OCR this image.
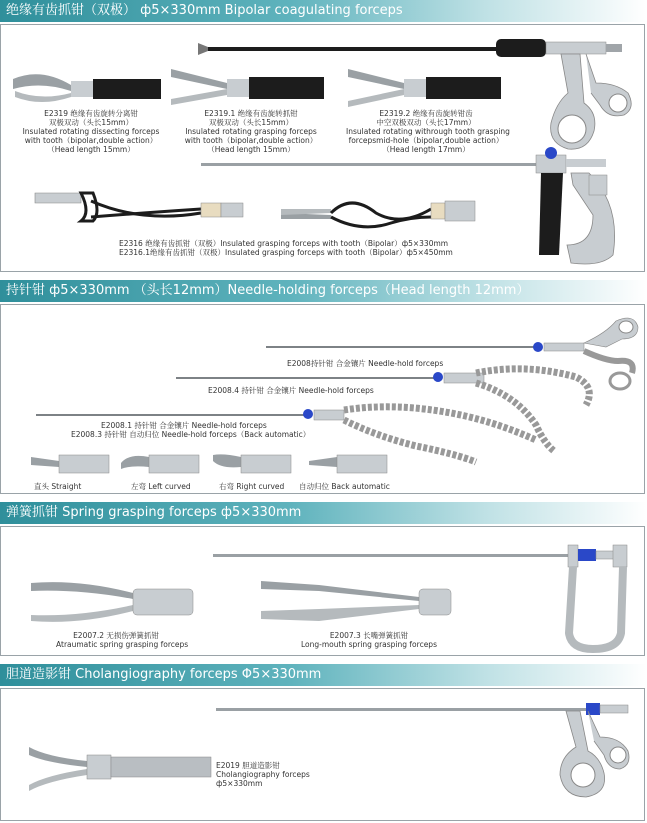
绝缘有齿抓钳（双极） ф5×330mm Bipolar coagulating forceps
E2319 绝缘有齿旋转分离钳
双极双动（头长15mm）
Insulated rotating dissecting forceps
with tooth（bipolar,double action）
（Head length 15mm）
E2319.1 绝缘有齿旋转抓钳
双极双动（头长15mm）
Insulated rotating grasping forceps
with tooth（bipolar,double action）
（Head length 15mm）
E2319.2 绝缘有齿旋转钳齿
中空双极双动（头长17mm）
Insulated rotating withrough tooth grasping
forcepsmid-hole（bipolar,double action）
（Head length 17mm）
E2316 绝缘有齿抓钳（双极）Insulated grasping forceps with tooth（Bipolar）ф5×330mm
E2316.1绝缘有齿抓钳（双极）Insulated grasping forceps with tooth（Bipolar）ф5×450mm
持针钳 ф5×330mm （头长12mm）Needle-holding forceps（Head length 12mm）
E2008持针钳 合金镶片 Needle-hold forceps
E2008.4 持针钳 合金镶片 Needle-hold forceps
E2008.1 持针钳 合金镶片 Needle-hold forceps
E2008.3 持针钳 自动归位 Needle-hold forceps（Back automatic）
直头 Straight	左弯 Left curved	右弯 Right curved 自动归位 Back automatic
弹簧抓钳 Spring grasping forceps ф5×330mm
E2007.2 无损伤弹簧抓钳
Atraumatic spring grasping forceps
E2007.3 长嘴弹簧抓钳
Long-mouth spring grasping forceps
胆道造影钳 Cholangiography forceps Φ5×330mm
E2019 胆道造影钳
Cholangiography forceps
ф5×330mm
